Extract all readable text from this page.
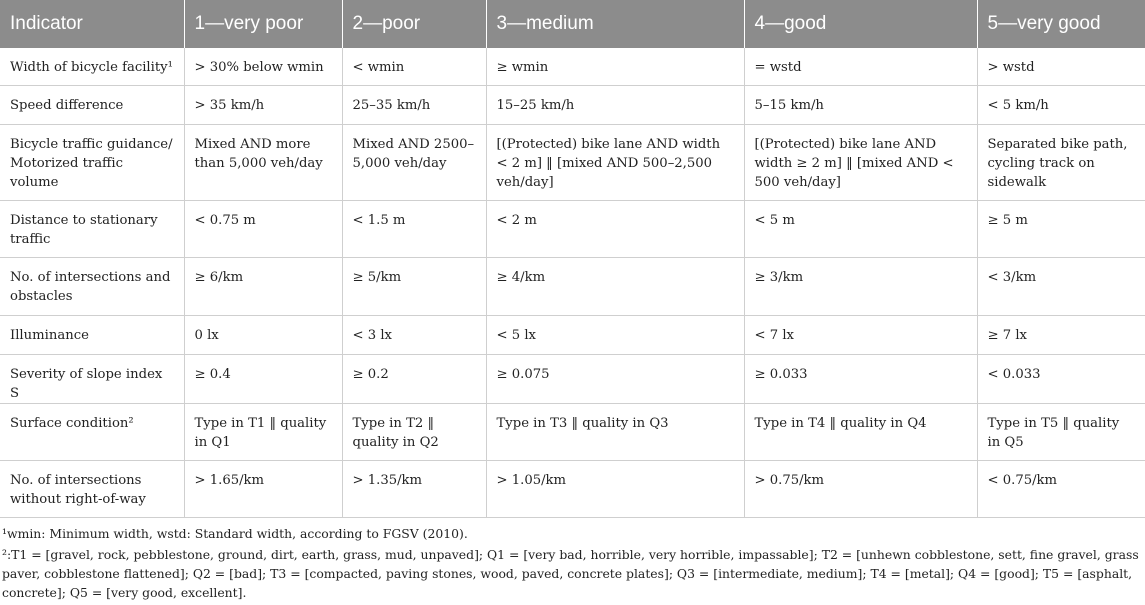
Indicator	1—very poor	2—poor	3—medium	4—good	5—very good
Width of bicycle facility¹	> 30% below wmin	< wmin	≥ wmin	= wstd	> wstd
Speed difference	> 35 km/h	25–35 km/h	15–25 km/h	5–15 km/h	< 5 km/h
Bicycle traffic guidance/ Motorized traffic volume	Mixed AND more than 5,000 veh/day	Mixed AND 2500–5,000 veh/day	[(Protected) bike lane AND width < 2 m] ‖ [mixed AND 500–2,500 veh/day]	[(Protected) bike lane AND width ≥ 2 m] ‖ [mixed AND < 500 veh/day]	Separated bike path, cycling track on sidewalk
Distance to stationary traffic	< 0.75 m	< 1.5 m	< 2 m	< 5 m	≥ 5 m
No. of intersections and obstacles	≥ 6/km	≥ 5/km	≥ 4/km	≥ 3/km	< 3/km
Illuminance	0 lx	< 3 lx	< 5 lx	< 7 lx	≥ 7 lx
Severity of slope index S	≥ 0.4	≥ 0.2	≥ 0.075	≥ 0.033	< 0.033
Surface condition²	Type in T1 ‖ quality in Q1	Type in T2 ‖ quality in Q2	Type in T3 ‖ quality in Q3	Type in T4 ‖ quality in Q4	Type in T5 ‖ quality in Q5
No. of intersections without right-of-way	> 1.65/km	> 1.35/km	> 1.05/km	> 0.75/km	< 0.75/km

¹wmin: Minimum width, wstd: Standard width, according to FGSV (2010).

²:T1 = [gravel, rock, pebblestone, ground, dirt, earth, grass, mud, unpaved]; Q1 = [very bad, horrible, very horrible, impassable]; T2 = [unhewn cobblestone, sett, fine gravel, grass paver, cobblestone flattened]; Q2 = [bad]; T3 = [compacted, paving stones, wood, paved, concrete plates]; Q3 = [intermediate, medium]; T4 = [metal]; Q4 = [good]; T5 = [asphalt, concrete]; Q5 = [very good, excellent].
